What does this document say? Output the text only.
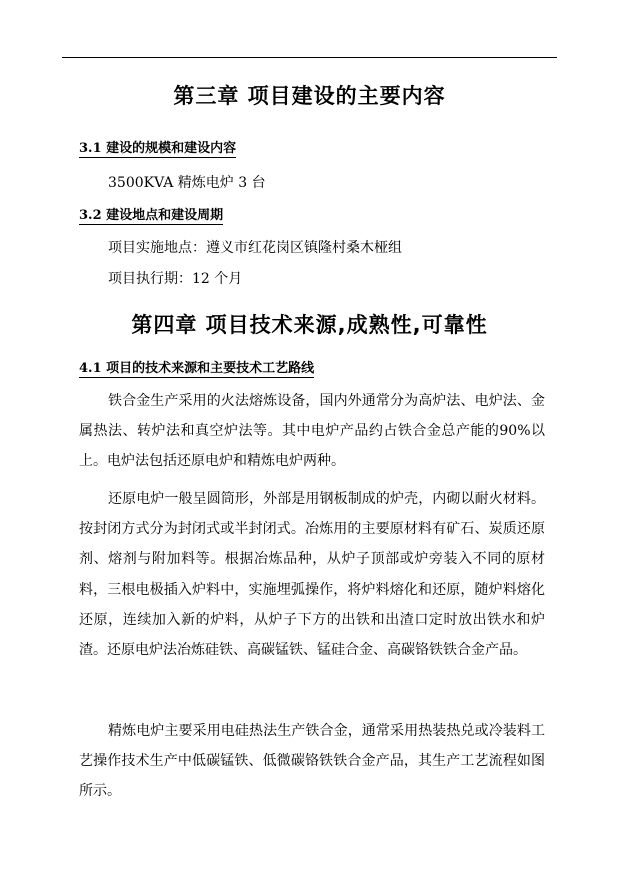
第三章 项目建设的主要内容
3.1 建设的规模和建设内容
3500KVA 精炼电炉 3 台
3.2 建设地点和建设周期
项目实施地点：遵义市红花岗区镇隆村桑木桠组
项目执行期：12 个月
第四章 项目技术来源,成熟性,可靠性
4.1 项目的技术来源和主要技术工艺路线
铁合金生产采用的火法熔炼设备，国内外通常分为高炉法、电炉法、金属热法、转炉法和真空炉法等。其中电炉产品约占铁合金总产能的90%以上。电炉法包括还原电炉和精炼电炉两种。
还原电炉一般呈圆筒形，外部是用钢板制成的炉壳，内砌以耐火材料。按封闭方式分为封闭式或半封闭式。冶炼用的主要原材料有矿石、炭质还原剂、熔剂与附加料等。根据冶炼品种，从炉子顶部或炉旁装入不同的原材料，三根电极插入炉料中，实施埋弧操作，将炉料熔化和还原，随炉料熔化还原，连续加入新的炉料，从炉子下方的出铁和出渣口定时放出铁水和炉渣。还原电炉法冶炼硅铁、高碳锰铁、锰硅合金、高碳铬铁铁合金产品。
精炼电炉主要采用电硅热法生产铁合金，通常采用热装热兑或冷装料工艺操作技术生产中低碳锰铁、低微碳铬铁铁合金产品，其生产工艺流程如图所示。
